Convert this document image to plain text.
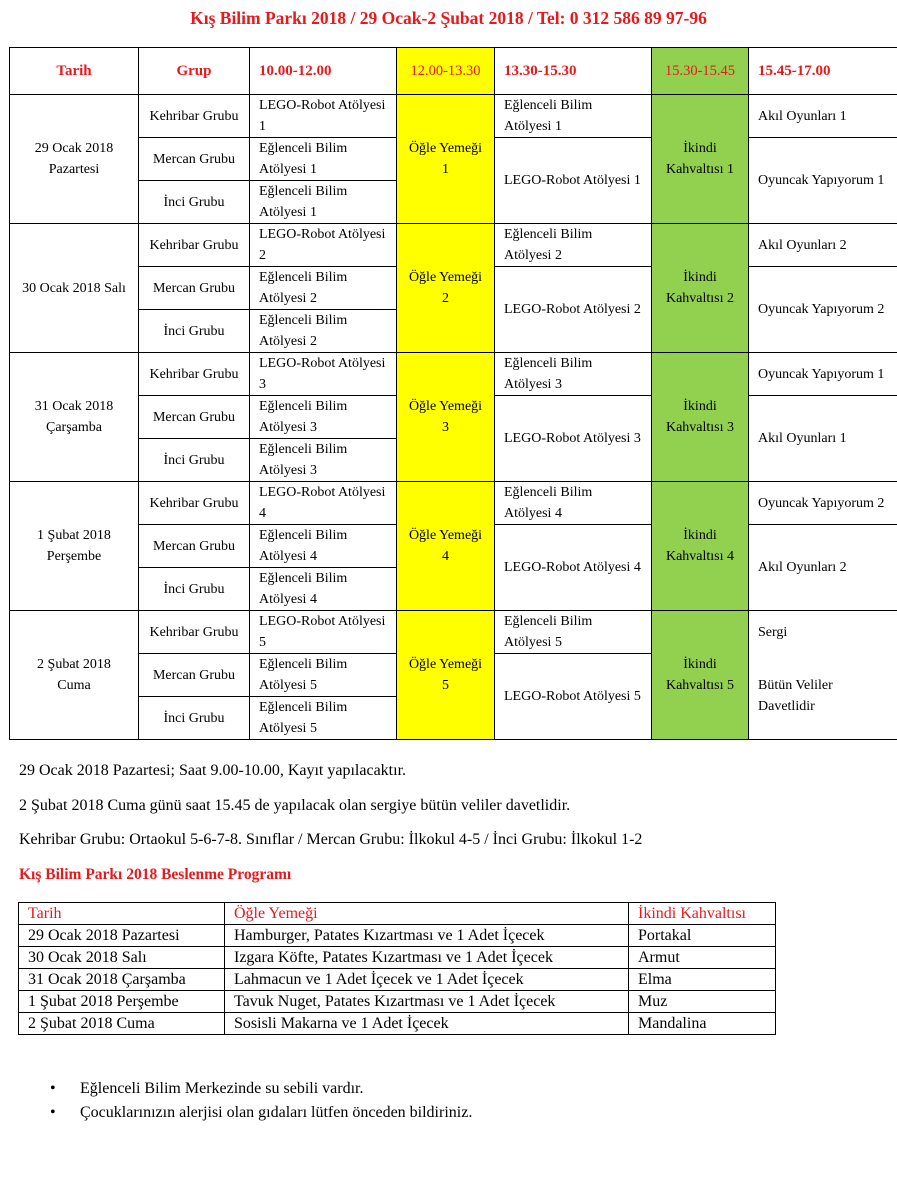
Kış Bilim Parkı 2018 / 29 Ocak-2 Şubat 2018 / Tel: 0 312 586 89 97-96
Tarih	Grup	10.00-12.00	12.00-13.30	13.30-15.30	15.30-15.45	15.45-17.00
29 Ocak 2018 Pazartesi	Kehribar Grubu	LEGO-Robot Atölyesi 1	Öğle Yemeği 1	Eğlenceli Bilim Atölyesi 1	İkindi Kahvaltısı 1	Akıl Oyunları 1
	Mercan Grubu	Eğlenceli Bilim Atölyesi 1		LEGO-Robot Atölyesi 1		Oyuncak Yapıyorum 1
	İnci Grubu	Eğlenceli Bilim Atölyesi 1				
30 Ocak 2018 Salı	Kehribar Grubu	LEGO-Robot Atölyesi 2	Öğle Yemeği 2	Eğlenceli Bilim Atölyesi 2	İkindi Kahvaltısı 2	Akıl Oyunları 2
	Mercan Grubu	Eğlenceli Bilim Atölyesi 2		LEGO-Robot Atölyesi 2		Oyuncak Yapıyorum 2
	İnci Grubu	Eğlenceli Bilim Atölyesi 2				
31 Ocak 2018 Çarşamba	Kehribar Grubu	LEGO-Robot Atölyesi 3	Öğle Yemeği 3	Eğlenceli Bilim Atölyesi 3	İkindi Kahvaltısı 3	Oyuncak Yapıyorum 1
	Mercan Grubu	Eğlenceli Bilim Atölyesi 3		LEGO-Robot Atölyesi 3		Akıl Oyunları 1
	İnci Grubu	Eğlenceli Bilim Atölyesi 3				
1 Şubat 2018 Perşembe	Kehribar Grubu	LEGO-Robot Atölyesi 4	Öğle Yemeği 4	Eğlenceli Bilim Atölyesi 4	İkindi Kahvaltısı 4	Oyuncak Yapıyorum 2
	Mercan Grubu	Eğlenceli Bilim Atölyesi 4		LEGO-Robot Atölyesi 4		Akıl Oyunları 2
	İnci Grubu	Eğlenceli Bilim Atölyesi 4				
2 Şubat 2018 Cuma	Kehribar Grubu	LEGO-Robot Atölyesi 5	Öğle Yemeği 5	Eğlenceli Bilim Atölyesi 5	İkindi Kahvaltısı 5	Sergi
	Mercan Grubu	Eğlenceli Bilim Atölyesi 5		LEGO-Robot Atölyesi 5		Bütün Veliler Davetlidir
	İnci Grubu	Eğlenceli Bilim Atölyesi 5				
29 Ocak 2018 Pazartesi; Saat 9.00-10.00, Kayıt yapılacaktır.
2 Şubat 2018 Cuma günü saat 15.45 de yapılacak olan sergiye bütün veliler davetlidir.
Kehribar Grubu: Ortaokul 5-6-7-8. Sınıflar / Mercan Grubu: İlkokul 4-5 / İnci Grubu: İlkokul 1-2
Kış Bilim Parkı 2018 Beslenme Programı
Tarih	Öğle Yemeği	İkindi Kahvaltısı
29 Ocak 2018 Pazartesi	Hamburger, Patates Kızartması ve 1 Adet İçecek	Portakal
30 Ocak 2018 Salı	Izgara Köfte, Patates Kızartması ve 1 Adet İçecek	Armut
31 Ocak 2018 Çarşamba	Lahmacun ve 1 Adet İçecek ve 1 Adet İçecek	Elma
1 Şubat 2018 Perşembe	Tavuk Nuget, Patates Kızartması ve 1 Adet İçecek	Muz
2 Şubat 2018 Cuma	Sosisli Makarna ve 1 Adet İçecek	Mandalina
• Eğlenceli Bilim Merkezinde su sebili vardır.
• Çocuklarınızın alerjisi olan gıdaları lütfen önceden bildiriniz.
